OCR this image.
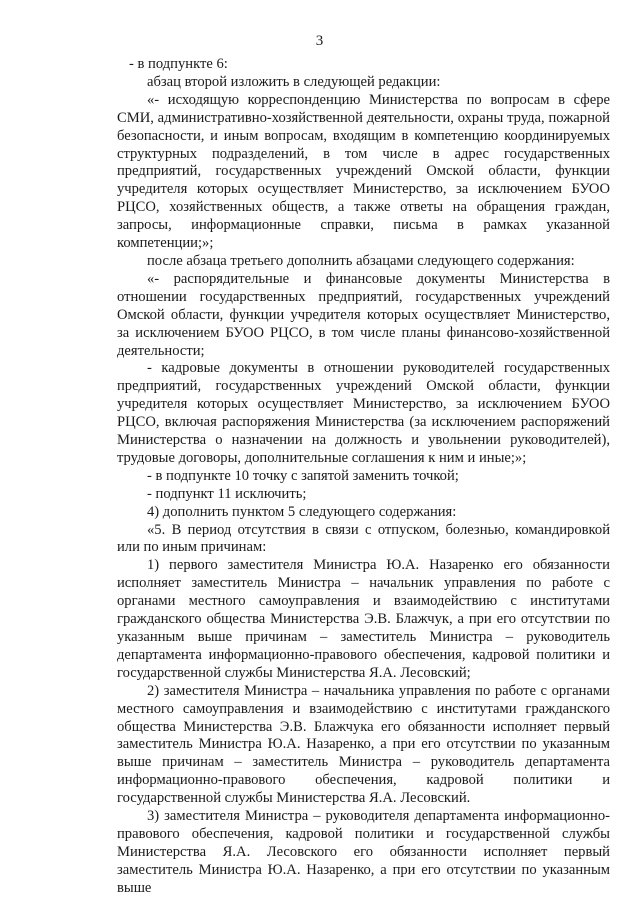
3

- в подпункте 6:

абзац второй изложить в следующей редакции:

«- исходящую корреспонденцию Министерства по вопросам в сфере СМИ, административно-хозяйственной деятельности, охраны труда, пожарной безопасности, и иным вопросам, входящим в компетенцию координируемых структурных подразделений, в том числе в адрес государственных предприятий, государственных учреждений Омской области, функции учредителя которых осуществляет Министерство, за исключением БУОО РЦСО, хозяйственных обществ, а также ответы на обращения граждан, запросы, информационные справки, письма в рамках указанной компетенции;»;

после абзаца третьего дополнить абзацами следующего содержания:

«- распорядительные и финансовые документы Министерства в отношении государственных предприятий, государственных учреждений Омской области, функции учредителя которых осуществляет Министерство, за исключением БУОО РЦСО, в том числе планы финансово-хозяйственной деятельности;

- кадровые документы в отношении руководителей государственных предприятий, государственных учреждений Омской области, функции учредителя которых осуществляет Министерство, за исключением БУОО РЦСО, включая распоряжения Министерства (за исключением распоряжений Министерства о назначении на должность и увольнении руководителей), трудовые договоры, дополнительные соглашения к ним и иные;»;

- в подпункте 10 точку с запятой заменить точкой;

- подпункт 11 исключить;

4) дополнить пунктом 5 следующего содержания:

«5. В период отсутствия в связи с отпуском, болезнью, командировкой или по иным причинам:

1) первого заместителя Министра Ю.А. Назаренко его обязанности исполняет заместитель Министра – начальник управления по работе с органами местного самоуправления и взаимодействию с институтами гражданского общества Министерства Э.В. Блажчук, а при его отсутствии по указанным выше причинам – заместитель Министра – руководитель департамента информационно-правового обеспечения, кадровой политики и государственной службы Министерства Я.А. Лесовский;

2) заместителя Министра – начальника управления по работе с органами местного самоуправления и взаимодействию с институтами гражданского общества Министерства Э.В. Блажчука его обязанности исполняет первый заместитель Министра Ю.А. Назаренко, а при его отсутствии по указанным выше причинам – заместитель Министра – руководитель департамента информационно-правового обеспечения, кадровой политики и государственной службы Министерства Я.А. Лесовский.

3) заместителя Министра – руководителя департамента информационно-правового обеспечения, кадровой политики и государственной службы Министерства Я.А. Лесовского его обязанности исполняет первый заместитель Министра Ю.А. Назаренко, а при его отсутствии по указанным выше
